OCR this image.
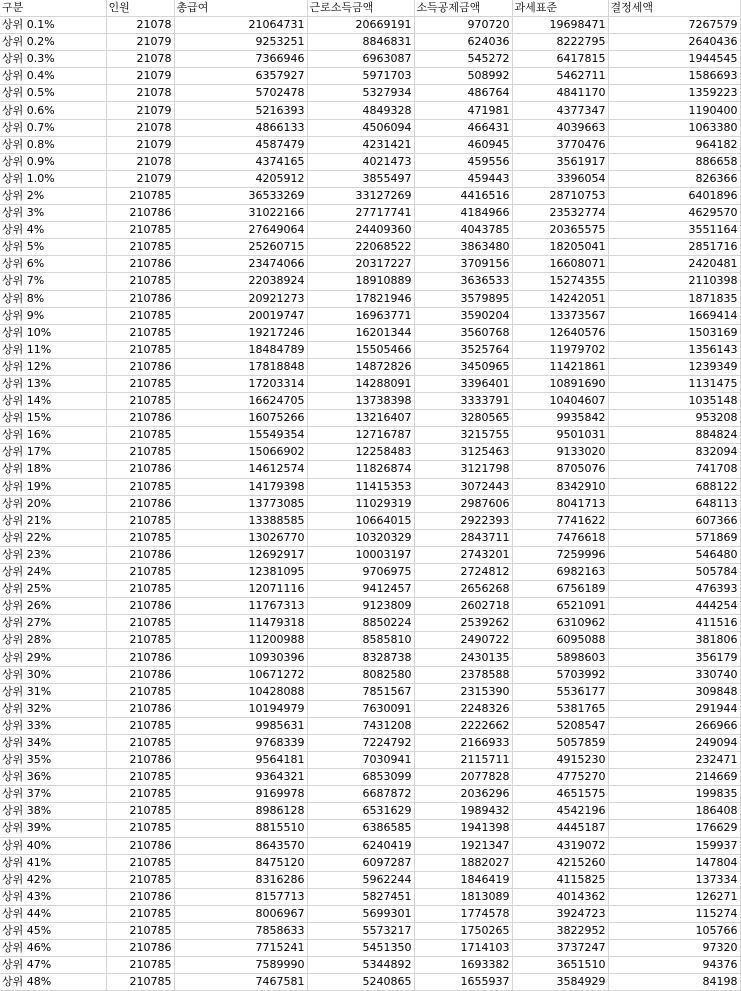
구분	인원	총급여	근로소득금액	소득공제금액	과세표준	결정세액
상위 0.1%	21078	21064731	20669191	970720	19698471	7267579
상위 0.2%	21079	9253251	8846831	624036	8222795	2640436
상위 0.3%	21078	7366946	6963087	545272	6417815	1944545
상위 0.4%	21079	6357927	5971703	508992	5462711	1586693
상위 0.5%	21078	5702478	5327934	486764	4841170	1359223
상위 0.6%	21079	5216393	4849328	471981	4377347	1190400
상위 0.7%	21078	4866133	4506094	466431	4039663	1063380
상위 0.8%	21079	4587479	4231421	460945	3770476	964182
상위 0.9%	21078	4374165	4021473	459556	3561917	886658
상위 1.0%	21079	4205912	3855497	459443	3396054	826366
상위 2%	210785	36533269	33127269	4416516	28710753	6401896
상위 3%	210786	31022166	27717741	4184966	23532774	4629570
상위 4%	210785	27649064	24409360	4043785	20365575	3551164
상위 5%	210785	25260715	22068522	3863480	18205041	2851716
상위 6%	210786	23474066	20317227	3709156	16608071	2420481
상위 7%	210785	22038924	18910889	3636533	15274355	2110398
상위 8%	210786	20921273	17821946	3579895	14242051	1871835
상위 9%	210785	20019747	16963771	3590204	13373567	1669414
상위 10%	210785	19217246	16201344	3560768	12640576	1503169
상위 11%	210785	18484789	15505466	3525764	11979702	1356143
상위 12%	210786	17818848	14872826	3450965	11421861	1239349
상위 13%	210785	17203314	14288091	3396401	10891690	1131475
상위 14%	210785	16624705	13738398	3333791	10404607	1035148
상위 15%	210786	16075266	13216407	3280565	9935842	953208
상위 16%	210785	15549354	12716787	3215755	9501031	884824
상위 17%	210785	15066902	12258483	3125463	9133020	832094
상위 18%	210786	14612574	11826874	3121798	8705076	741708
상위 19%	210785	14179398	11415353	3072443	8342910	688122
상위 20%	210786	13773085	11029319	2987606	8041713	648113
상위 21%	210785	13388585	10664015	2922393	7741622	607366
상위 22%	210785	13026770	10320329	2843711	7476618	571869
상위 23%	210786	12692917	10003197	2743201	7259996	546480
상위 24%	210785	12381095	9706975	2724812	6982163	505784
상위 25%	210785	12071116	9412457	2656268	6756189	476393
상위 26%	210786	11767313	9123809	2602718	6521091	444254
상위 27%	210785	11479318	8850224	2539262	6310962	411516
상위 28%	210785	11200988	8585810	2490722	6095088	381806
상위 29%	210786	10930396	8328738	2430135	5898603	356179
상위 30%	210786	10671272	8082580	2378588	5703992	330740
상위 31%	210785	10428088	7851567	2315390	5536177	309848
상위 32%	210786	10194979	7630091	2248326	5381765	291944
상위 33%	210785	9985631	7431208	2222662	5208547	266966
상위 34%	210785	9768339	7224792	2166933	5057859	249094
상위 35%	210786	9564181	7030941	2115711	4915230	232471
상위 36%	210785	9364321	6853099	2077828	4775270	214669
상위 37%	210785	9169978	6687872	2036296	4651575	199835
상위 38%	210785	8986128	6531629	1989432	4542196	186408
상위 39%	210785	8815510	6386585	1941398	4445187	176629
상위 40%	210786	8643570	6240419	1921347	4319072	159937
상위 41%	210785	8475120	6097287	1882027	4215260	147804
상위 42%	210785	8316286	5962244	1846419	4115825	137334
상위 43%	210786	8157713	5827451	1813089	4014362	126271
상위 44%	210785	8006967	5699301	1774578	3924723	115274
상위 45%	210785	7858633	5573217	1750265	3822952	105766
상위 46%	210786	7715241	5451350	1714103	3737247	97320
상위 47%	210785	7589990	5344892	1693382	3651510	94376
상위 48%	210785	7467581	5240865	1655937	3584929	84198
